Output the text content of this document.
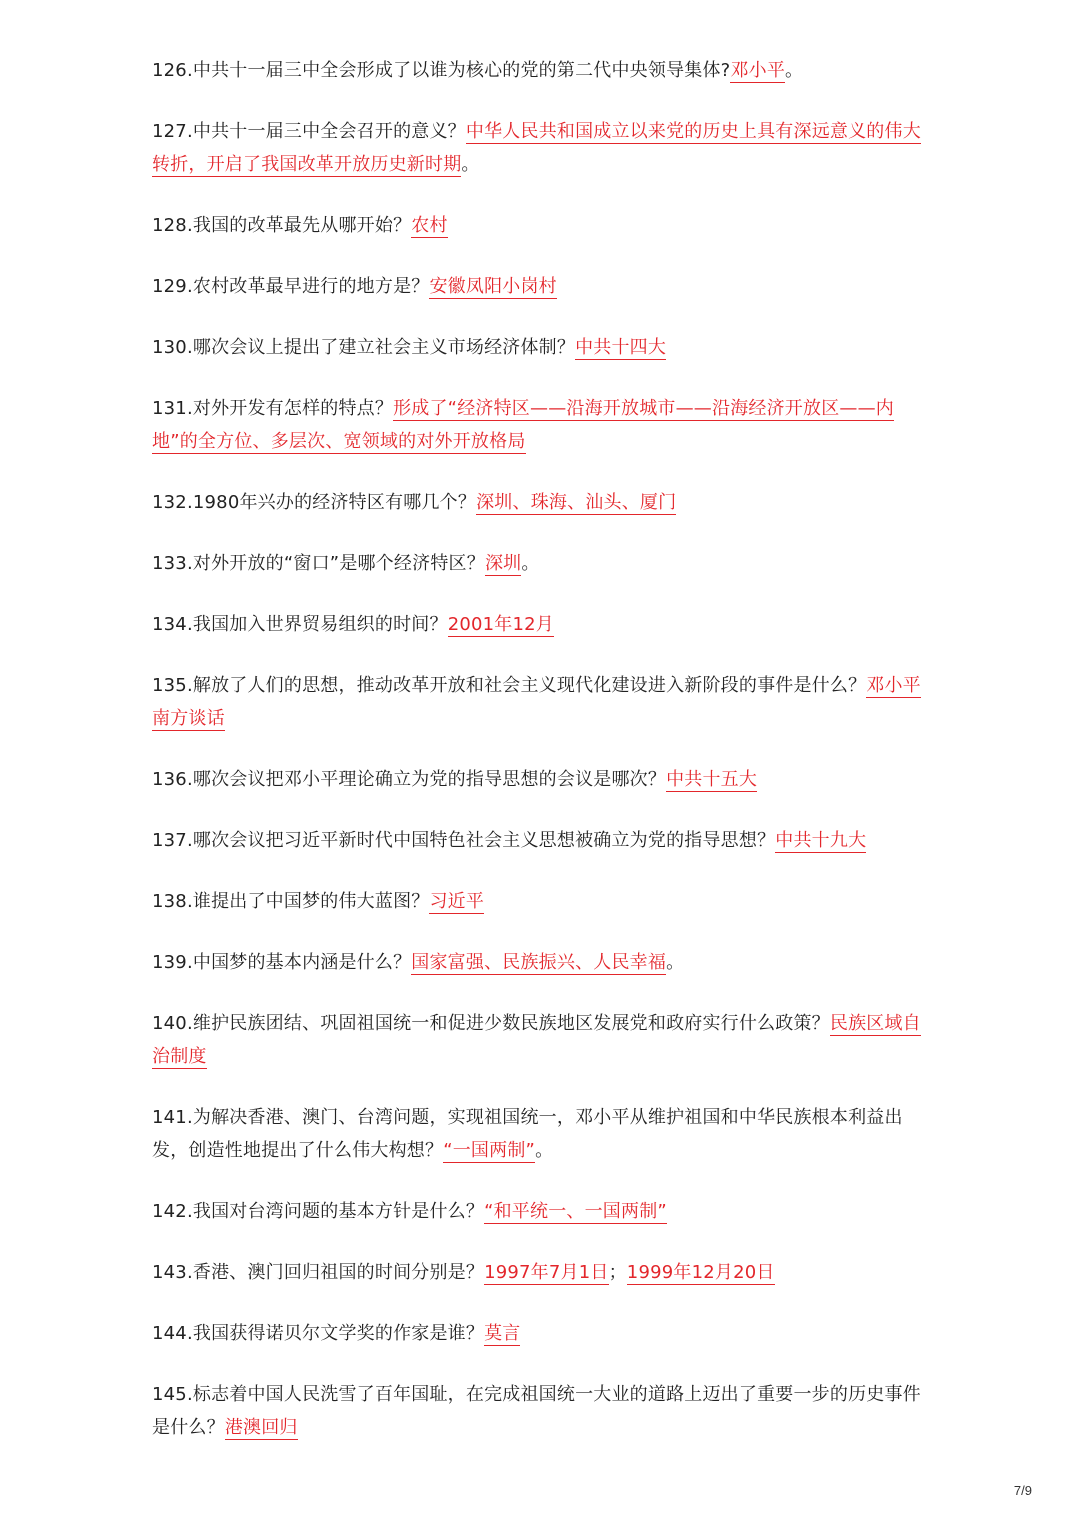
126.中共十一届三中全会形成了以谁为核心的党的第二代中央领导集体?邓小平。
127.中共十一届三中全会召开的意义？中华人民共和国成立以来党的历史上具有深远意义的伟大转折，开启了我国改革开放历史新时期。
128.我国的改革最先从哪开始？农村
129.农村改革最早进行的地方是？安徽凤阳小岗村
130.哪次会议上提出了建立社会主义市场经济体制？中共十四大
131.对外开发有怎样的特点？形成了“经济特区——沿海开放城市——沿海经济开放区——内地”的全方位、多层次、宽领域的对外开放格局
132.1980年兴办的经济特区有哪几个？深圳、珠海、汕头、厦门
133.对外开放的“窗口”是哪个经济特区？深圳。
134.我国加入世界贸易组织的时间？2001年12月
135.解放了人们的思想，推动改革开放和社会主义现代化建设进入新阶段的事件是什么？邓小平南方谈话
136.哪次会议把邓小平理论确立为党的指导思想的会议是哪次？中共十五大
137.哪次会议把习近平新时代中国特色社会主义思想被确立为党的指导思想？中共十九大
138.谁提出了中国梦的伟大蓝图？习近平
139.中国梦的基本内涵是什么？国家富强、民族振兴、人民幸福。
140.维护民族团结、巩固祖国统一和促进少数民族地区发展党和政府实行什么政策？民族区域自治制度
141.为解决香港、澳门、台湾问题，实现祖国统一，邓小平从维护祖国和中华民族根本利益出发，创造性地提出了什么伟大构想？“一国两制”。
142.我国对台湾问题的基本方针是什么？“和平统一、一国两制”
143.香港、澳门回归祖国的时间分别是？1997年7月1日；1999年12月20日
144.我国获得诺贝尔文学奖的作家是谁？莫言
145.标志着中国人民洗雪了百年国耻，在完成祖国统一大业的道路上迈出了重要一步的历史事件是什么？港澳回归
7/9
